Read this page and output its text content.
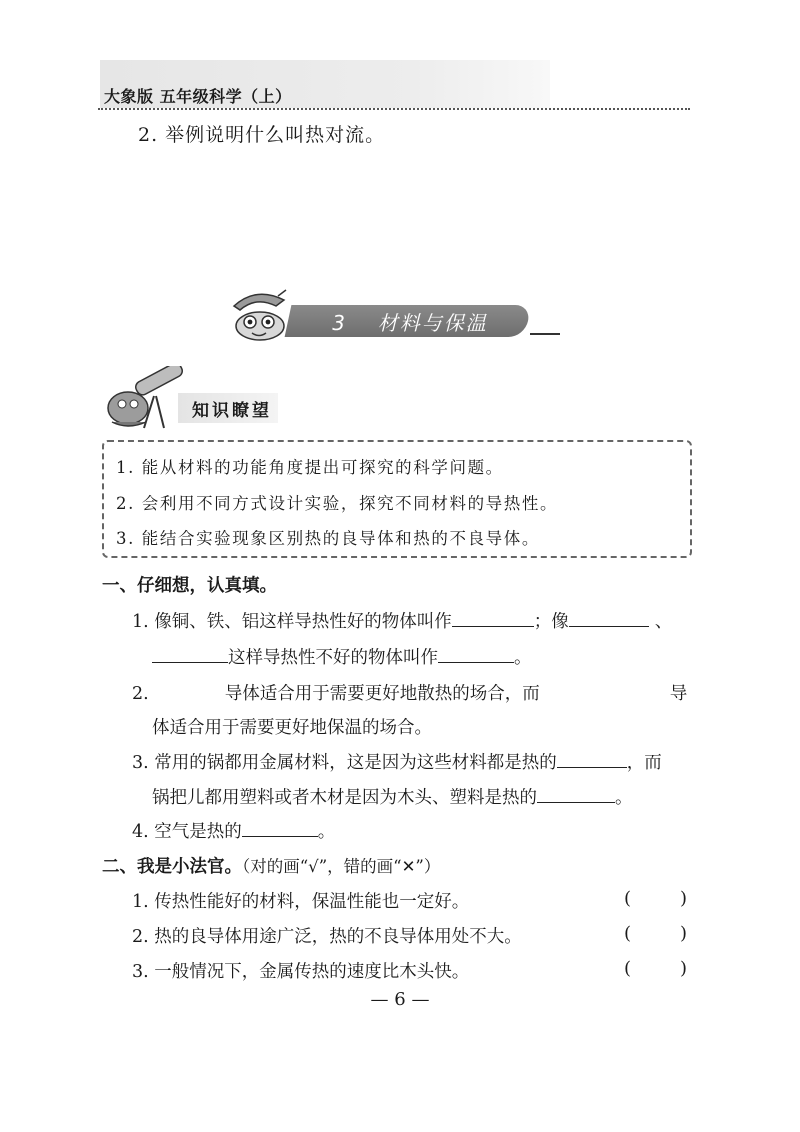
大象版 五年级科学（上）
2. 举例说明什么叫热对流。
3 材料与保温
知识瞭望
1. 能从材料的功能角度提出可探究的科学问题。
2. 会利用不同方式设计实验，探究不同材料的导热性。
3. 能结合实验现象区别热的良导体和热的不良导体。
一、仔细想，认真填。
1. 像铜、铁、铝这样导热性好的物体叫作	；像	、
这样导热性不好的物体叫作	。
2.	导体适合用于需要更好地散热的场合，而	导
体适合用于需要更好地保温的场合。
3. 常用的锅都用金属材料，这是因为这些材料都是热的	，而
锅把儿都用塑料或者木材是因为木头、塑料是热的	。
4. 空气是热的	。
二、我是小法官。（对的画“√”，错的画“✕”）
1. 传热性能好的材料，保温性能也一定好。	(	)
2. 热的良导体用途广泛，热的不良导体用处不大。	(	)
3. 一般情况下，金属传热的速度比木头快。	(	)
— 6 —
